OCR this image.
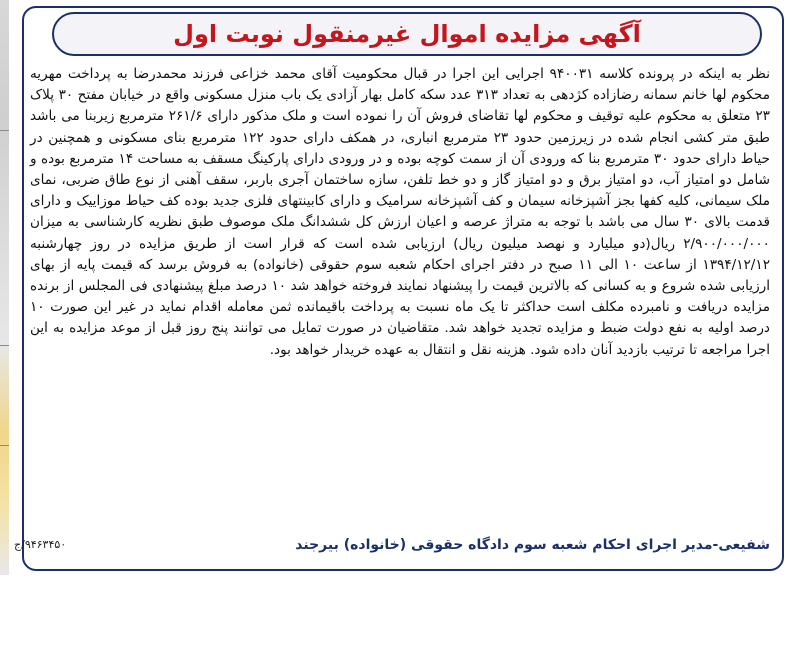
آگهی مزایده اموال غیرمنقول نوبت اول
نظر به اینکه در پرونده کلاسه ۹۴۰۰۳۱ اجرایی این اجرا در قبال محکومیت آقای محمد خزاعی فرزند محمدرضا به پرداخت مهریه محکوم لها خانم سمانه رضازاده کژدهی به تعداد ۳۱۳ عدد سکه کامل بهار آزادی یک باب منزل مسکونی واقع در خیابان مفتح ۳۰ پلاک ۲۳ متعلق به محکوم علیه توقیف و محکوم لها تقاضای فروش آن را نموده است و ملک مذکور دارای ۲۶۱/۶ مترمربع زیربنا می باشد طبق متر کشی انجام شده در زیرزمین حدود ۲۳ مترمربع انباری، در همکف دارای حدود ۱۲۲ مترمربع بنای مسکونی و همچنین در حیاط دارای حدود ۳۰ مترمربع بنا که ورودی آن از سمت کوچه بوده و در ورودی دارای پارکینگ مسقف به مساحت ۱۴ مترمربع بوده و شامل دو امتیاز آب، دو امتیاز برق و دو امتیاز گاز و دو خط تلفن، سازه ساختمان آجری باربر، سقف آهنی از نوع طاق ضربی، نمای ملک سیمانی، کلیه کفها بجز آشپزخانه سیمان و کف آشپزخانه سرامیک و دارای کابینتهای فلزی جدید بوده کف حیاط موزاییک و دارای قدمت بالای ۳۰ سال می باشد با توجه به متراژ عرصه و اعیان ارزش کل ششدانگ ملک موصوف طبق نظریه کارشناسی به میزان ۲/۹۰۰/۰۰۰/۰۰۰ ریال(دو میلیارد و نهصد میلیون ریال) ارزیابی شده است که قرار است از طریق مزایده در روز چهارشنبه ۱۳۹۴/۱۲/۱۲ از ساعت ۱۰ الی ۱۱ صبح در دفتر اجرای احکام شعبه سوم حقوقی (خانواده) به فروش برسد که قیمت پایه از بهای ارزیابی شده شروع و به کسانی که بالاترین قیمت را پیشنهاد نمایند فروخته خواهد شد ۱۰ درصد مبلغ پیشنهادی فی المجلس از برنده مزایده دریافت و نامبرده مکلف است حداکثر تا یک ماه نسبت به پرداخت باقیمانده ثمن معامله اقدام نماید در غیر این صورت ۱۰ درصد اولیه به نفع دولت ضبط و مزایده تجدید خواهد شد. متقاضیان در صورت تمایل می توانند پنج روز قبل از موعد مزایده به این اجرا مراجعه تا ترتیب بازدید آنان داده شود. هزینه نقل و انتقال به عهده خریدار خواهد بود.
شفیعی-مدیر اجرای احکام شعبه سوم دادگاه حقوقی (خانواده) بیرجند
۹۴۶۳۴۵۰/ج
